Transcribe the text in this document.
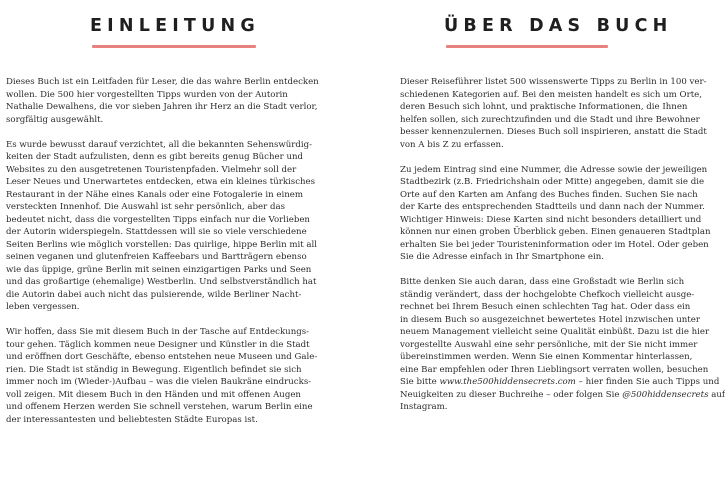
EINLEITUNG

Dieses Buch ist ein Leitfaden für Leser, die das wahre Berlin entdecken
wollen. Die 500 hier vorgestellten Tipps wurden von der Autorin
Nathalie Dewalhens, die vor sieben Jahren ihr Herz an die Stadt verlor,
sorgfältig ausgewählt.

Es wurde bewusst darauf verzichtet, all die bekannten Sehenswürdig-
keiten der Stadt aufzulisten, denn es gibt bereits genug Bücher und
Websites zu den ausgetretenen Touristenpfaden. Vielmehr soll der
Leser Neues und Unerwartetes entdecken, etwa ein kleines türkisches
Restaurant in der Nähe eines Kanals oder eine Fotogalerie in einem
versteckten Innenhof. Die Auswahl ist sehr persönlich, aber das
bedeutet nicht, dass die vorgestellten Tipps einfach nur die Vorlieben
der Autorin widerspiegeln. Stattdessen will sie so viele verschiedene
Seiten Berlins wie möglich vorstellen: Das quirlige, hippe Berlin mit all
seinen veganen und glutenfreien Kaffeebars und Bartträgern ebenso
wie das üppige, grüne Berlin mit seinen einzigartigen Parks und Seen
und das großartige (ehemalige) Westberlin. Und selbstverständlich hat
die Autorin dabei auch nicht das pulsierende, wilde Berliner Nacht-
leben vergessen.

Wir hoffen, dass Sie mit diesem Buch in der Tasche auf Entdeckungs-
tour gehen. Täglich kommen neue Designer und Künstler in die Stadt
und eröffnen dort Geschäfte, ebenso entstehen neue Museen und Gale-
rien. Die Stadt ist ständig in Bewegung. Eigentlich befindet sie sich
immer noch im (Wieder-)Aufbau – was die vielen Baukräne eindrucks-
voll zeigen. Mit diesem Buch in den Händen und mit offenen Augen
und offenem Herzen werden Sie schnell verstehen, warum Berlin eine
der interessantesten und beliebtesten Städte Europas ist.

ÜBER DAS BUCH

Dieser Reiseführer listet 500 wissenswerte Tipps zu Berlin in 100 ver-
schiedenen Kategorien auf. Bei den meisten handelt es sich um Orte,
deren Besuch sich lohnt, und praktische Informationen, die Ihnen
helfen sollen, sich zurechtzufinden und die Stadt und ihre Bewohner
besser kennenzulernen. Dieses Buch soll inspirieren, anstatt die Stadt
von A bis Z zu erfassen.

Zu jedem Eintrag sind eine Nummer, die Adresse sowie der jeweiligen
Stadtbezirk (z.B. Friedrichshain oder Mitte) angegeben, damit sie die
Orte auf den Karten am Anfang des Buches finden. Suchen Sie nach
der Karte des entsprechenden Stadtteils und dann nach der Nummer.
Wichtiger Hinweis: Diese Karten sind nicht besonders detailliert und
können nur einen groben Überblick geben. Einen genaueren Stadtplan
erhalten Sie bei jeder Touristeninformation oder im Hotel. Oder geben
Sie die Adresse einfach in Ihr Smartphone ein.

Bitte denken Sie auch daran, dass eine Großstadt wie Berlin sich
ständig verändert, dass der hochgelobte Chefkoch vielleicht ausge-
rechnet bei Ihrem Besuch einen schlechten Tag hat. Oder dass ein
in diesem Buch so ausgezeichnet bewertetes Hotel inzwischen unter
neuem Management vielleicht seine Qualität einbüßt. Dazu ist die hier
vorgestellte Auswahl eine sehr persönliche, mit der Sie nicht immer
übereinstimmen werden. Wenn Sie einen Kommentar hinterlassen,
eine Bar empfehlen oder Ihren Lieblingsort verraten wollen, besuchen
Sie bitte www.the500hiddensecrets.com – hier finden Sie auch Tipps und
Neuigkeiten zu dieser Buchreihe – oder folgen Sie @500hiddensecrets auf
Instagram.
